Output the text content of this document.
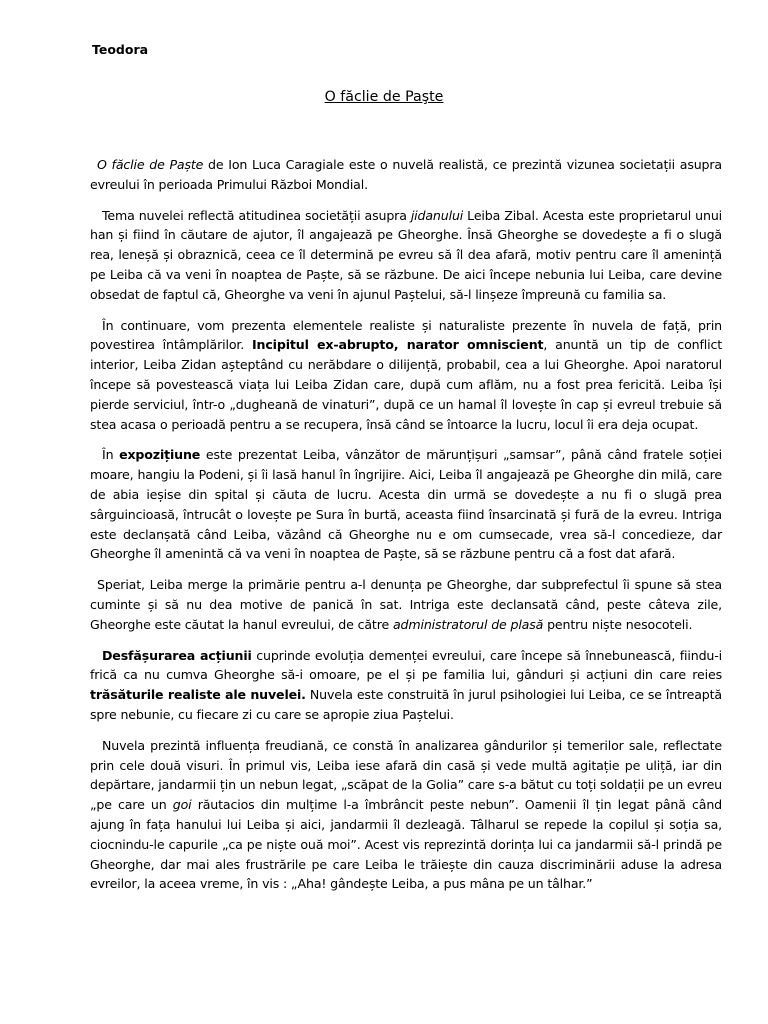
Teodora
O făclie de Paşte

O făclie de Paște de Ion Luca Caragiale este o nuvelă realistă, ce prezintă vizunea societații asupra evreului în perioada Primului Război Mondial.

Tema nuvelei reflectă atitudinea societății asupra jidanului Leiba Zibal. Acesta este proprietarul unui han și fiind în căutare de ajutor, îl angajează pe Gheorghe. Însă Gheorghe se dovedește a fi o slugă rea, leneșă și obraznică, ceea ce îl determină pe evreu să îl dea afară, motiv pentru care îl amenință pe Leiba că va veni în noaptea de Paște, să se răzbune. De aici începe nebunia lui Leiba, care devine obsedat de faptul că, Gheorghe va veni în ajunul Paștelui, să-l linșeze împreună cu familia sa.

În continuare, vom prezenta elementele realiste și naturaliste prezente în nuvela de față, prin povestirea întâmplărilor. Incipitul ex-abrupto, narator omniscient, anuntă un tip de conflict interior, Leiba Zidan așteptând cu nerăbdare o dilijență, probabil, cea a lui Gheorghe. Apoi naratorul începe să povestească viața lui Leiba Zidan care, după cum aflăm, nu a fost prea fericită. Leiba își pierde serviciul, într-o „dugheană de vinaturi”, după ce un hamal îl lovește în cap și evreul trebuie să stea acasa o perioadă pentru a se recupera, însă când se întoarce la lucru, locul îi era deja ocupat.

În expozițiune este prezentat Leiba, vânzător de mărunțișuri „samsar”, până când fratele soției moare, hangiu la Podeni, și îi lasă hanul în îngrijire. Aici, Leiba îl angajează pe Gheorghe din milă, care de abia ieșise din spital și căuta de lucru. Acesta din urmă se dovedește a nu fi o slugă prea sârguincioasă, întrucât o lovește pe Sura în burtă, aceasta fiind însarcinată și fură de la evreu. Intriga este declanșată când Leiba, văzând că Gheorghe nu e om cumsecade, vrea să-l concedieze, dar Gheorghe îl amenintă că va veni în noaptea de Paște, să se răzbune pentru că a fost dat afară.

Speriat, Leiba merge la primărie pentru a-l denunța pe Gheorghe, dar subprefectul îi spune să stea cuminte și să nu dea motive de panică în sat. Intriga este declansată când, peste câteva zile, Gheorghe este căutat la hanul evreului, de către administratorul de plasă pentru niște nesocoteli.

Desfășurarea acțiunii cuprinde evoluția demenței evreului, care începe să înnebunească, fiindu-i frică ca nu cumva Gheorghe să-i omoare, pe el și pe familia lui, gânduri și acțiuni din care reies trăsăturile realiste ale nuvelei. Nuvela este construită în jurul psihologiei lui Leiba, ce se întreaptă spre nebunie, cu fiecare zi cu care se apropie ziua Paștelui.

Nuvela prezintă influența freudiană, ce constă în analizarea gândurilor și temerilor sale, reflectate prin cele două visuri. În primul vis, Leiba iese afară din casă și vede multă agitație pe uliță, iar din depărtare, jandarmii țin un nebun legat, „scăpat de la Golia” care s-a bătut cu toți soldații pe un evreu „pe care un goi răutacios din mulțime l-a îmbrâncit peste nebun”. Oamenii îl țin legat până când ajung în fața hanului lui Leiba și aici, jandarmii îl dezleagă. Tâlharul se repede la copilul și soția sa, ciocnindu-le capurile „ca pe niște ouă moi”. Acest vis reprezintă dorința lui ca jandarmii să-l prindă pe Gheorghe, dar mai ales frustrările pe care Leiba le trăiește din cauza discriminării aduse la adresa evreilor, la aceea vreme, în vis : „Aha! gândește Leiba, a pus mâna pe un tâlhar.”
